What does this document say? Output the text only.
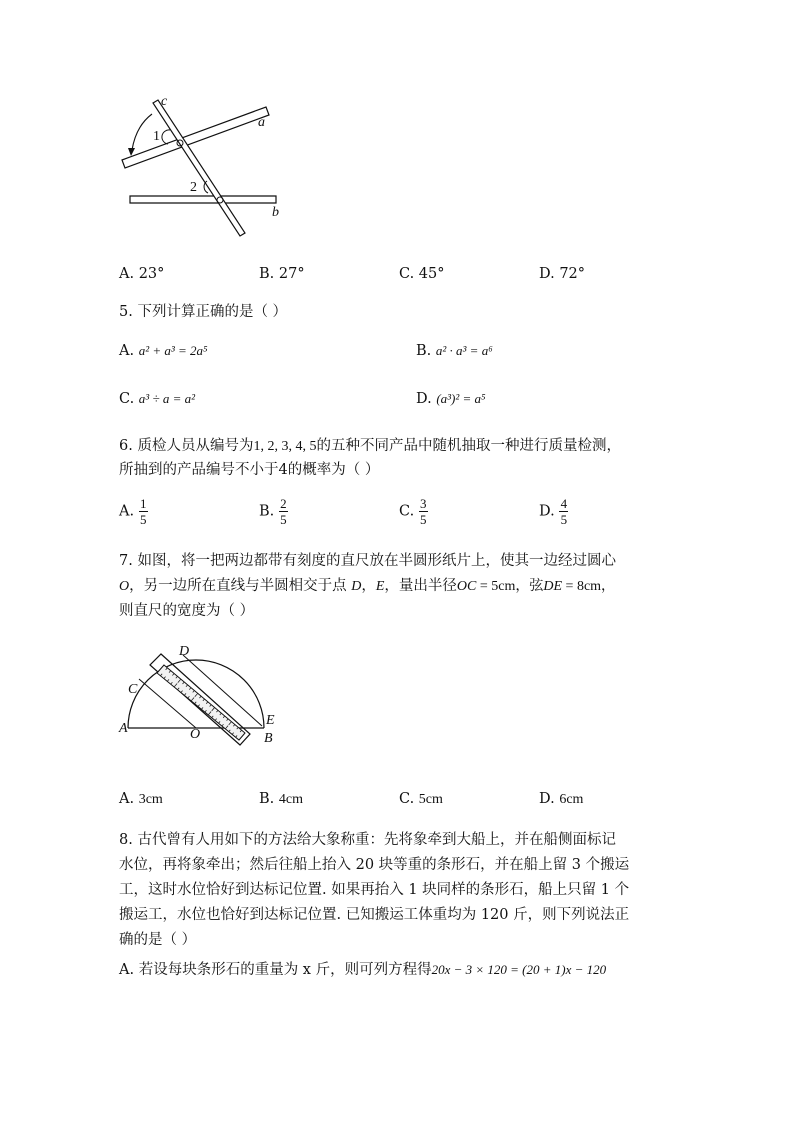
c
a
b
1
2
A. 23°	B. 27°	C. 45°	D. 72°
5. 下列计算正确的是（ ）
A. a² + a³ = 2a⁵	B. a² · a³ = a⁶
C. a³ ÷ a = a²	D. (a³)² = a⁵
6. 质检人员从编号为1, 2, 3, 4, 5的五种不同产品中随机抽取一种进行质量检测，
所抽到的产品编号不小于4的概率为（ ）
A. $\frac{1}{5}$	B. $\frac{2}{5}$	C. $\frac{3}{5}$	D. $\frac{4}{5}$
7. 如图，将一把两边都带有刻度的直尺放在半圆形纸片上，使其一边经过圆心
O，另一边所在直线与半圆相交于点 D，E，量出半径OC = 5cm，弦DE = 8cm，
则直尺的宽度为（ ）
D
C
A	O
E
B
A. 3cm	B. 4cm	C. 5cm	D. 6cm
8. 古代曾有人用如下的方法给大象称重：先将象牵到大船上，并在船侧面标记
水位，再将象牵出；然后往船上抬入 20 块等重的条形石，并在船上留 3 个搬运
工，这时水位恰好到达标记位置. 如果再抬入 1 块同样的条形石，船上只留 1 个
搬运工，水位也恰好到达标记位置. 已知搬运工体重均为 120 斤，则下列说法正
确的是（ ）
A. 若设每块条形石的重量为 x 斤，则可列方程得20x − 3 × 120 = (20 + 1)x − 120
